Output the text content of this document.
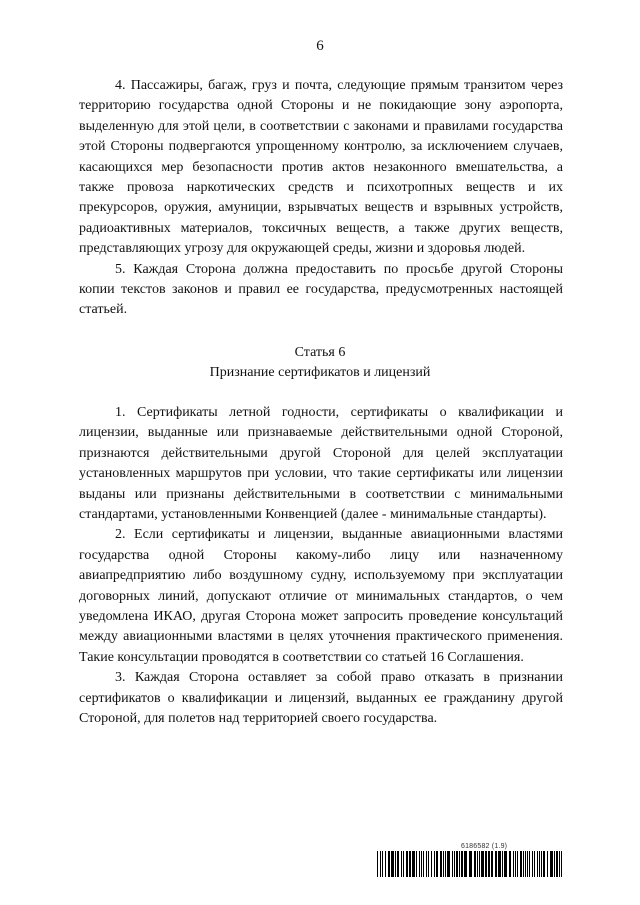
6

4. Пассажиры, багаж, груз и почта, следующие прямым транзитом через территорию государства одной Стороны и не покидающие зону аэропорта, выделенную для этой цели, в соответствии с законами и правилами государства этой Стороны подвергаются упрощенному контролю, за исключением случаев, касающихся мер безопасности против актов незаконного вмешательства, а также провоза наркотических средств и психотропных веществ и их прекурсоров, оружия, амуниции, взрывчатых веществ и взрывных устройств, радиоактивных материалов, токсичных веществ, а также других веществ, представляющих угрозу для окружающей среды, жизни и здоровья людей.

5. Каждая Сторона должна предоставить по просьбе другой Стороны копии текстов законов и правил ее государства, предусмотренных настоящей статьей.

Статья 6
Признание сертификатов и лицензий

1. Сертификаты летной годности, сертификаты о квалификации и лицензии, выданные или признаваемые действительными одной Стороной, признаются действительными другой Стороной для целей эксплуатации установленных маршрутов при условии, что такие сертификаты или лицензии выданы или признаны действительными в соответствии с минимальными стандартами, установленными Конвенцией (далее - минимальные стандарты).

2. Если сертификаты и лицензии, выданные авиационными властями государства одной Стороны какому-либо лицу или назначенному авиапредприятию либо воздушному судну, используемому при эксплуатации договорных линий, допускают отличие от минимальных стандартов, о чем уведомлена ИКАО, другая Сторона может запросить проведение консультаций между авиационными властями в целях уточнения практического применения. Такие консультации проводятся в соответствии со статьей 16 Соглашения.

3. Каждая Сторона оставляет за собой право отказать в признании сертификатов о квалификации и лицензий, выданных ее гражданину другой Стороной, для полетов над территорией своего государства.

6186582 (1.9)
